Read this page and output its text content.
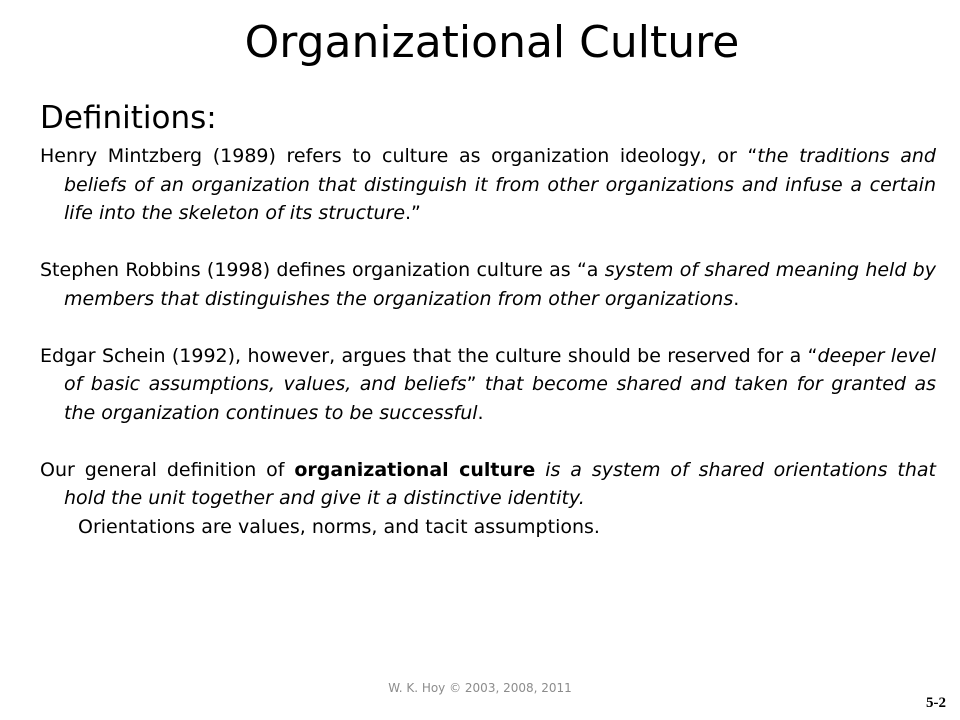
Organizational Culture
Definitions:

Henry Mintzberg (1989) refers to culture as organization ideology, or “the traditions and beliefs of an organization that distinguish it from other organizations and infuse a certain life into the skeleton of its structure.”

Stephen Robbins (1998) defines organization culture as “a system of shared meaning held by members that distinguishes the organization from other organizations.

Edgar Schein (1992), however, argues that the culture should be reserved for a “deeper level of basic assumptions, values, and beliefs” that become shared and taken for granted as the organization continues to be successful.

Our general definition of organizational culture is a system of shared orientations that hold the unit together and give it a distinctive identity.

Orientations are values, norms, and tacit assumptions.

W. K. Hoy © 2003, 2008, 2011
5-2
